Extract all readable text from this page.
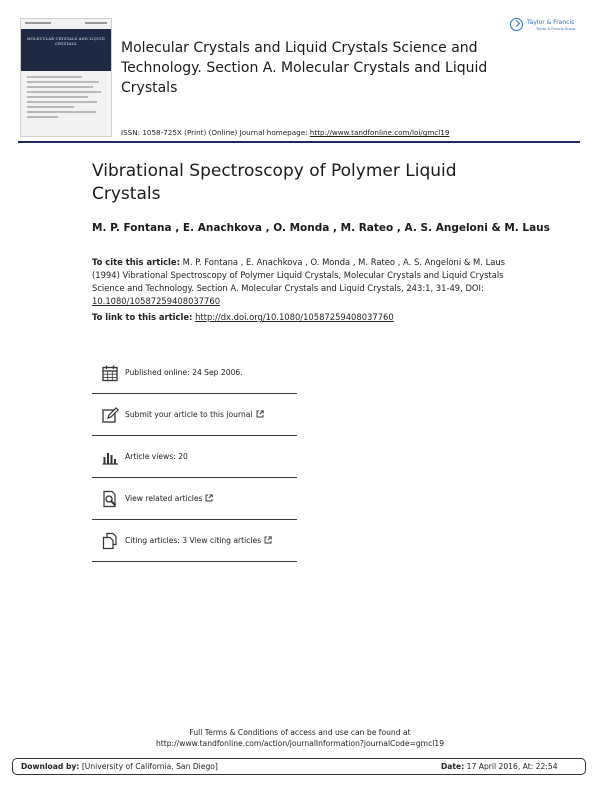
MOLECULAR CRYSTALS AND LIQUID CRYSTALS	Molecular Crystals and Liquid Crystals Science and Technology. Section A. Molecular Crystals and Liquid Crystals
Taylor & Francis
Taylor & Francis Group
ISSN: 1058-725X (Print) (Online) Journal homepage: http://www.tandfonline.com/loi/gmcl19
Vibrational Spectroscopy of Polymer Liquid Crystals
M. P. Fontana , E. Anachkova , O. Monda , M. Rateo , A. S. Angeloni & M. Laus
To cite this article: M. P. Fontana , E. Anachkova , O. Monda , M. Rateo , A. S. Angeloni & M. Laus (1994) Vibrational Spectroscopy of Polymer Liquid Crystals, Molecular Crystals and Liquid Crystals Science and Technology. Section A. Molecular Crystals and Liquid Crystals, 243:1, 31-49, DOI: 10.1080/10587259408037760
To link to this article: http://dx.doi.org/10.1080/10587259408037760
Published online: 24 Sep 2006.
Submit your article to this journal
Article views: 20
View related articles
Citing articles: 3 View citing articles
Full Terms & Conditions of access and use can be found at
http://www.tandfonline.com/action/journalInformation?journalCode=gmcl19
Download by: [University of California, San Diego]	Date: 17 April 2016, At: 22:54
